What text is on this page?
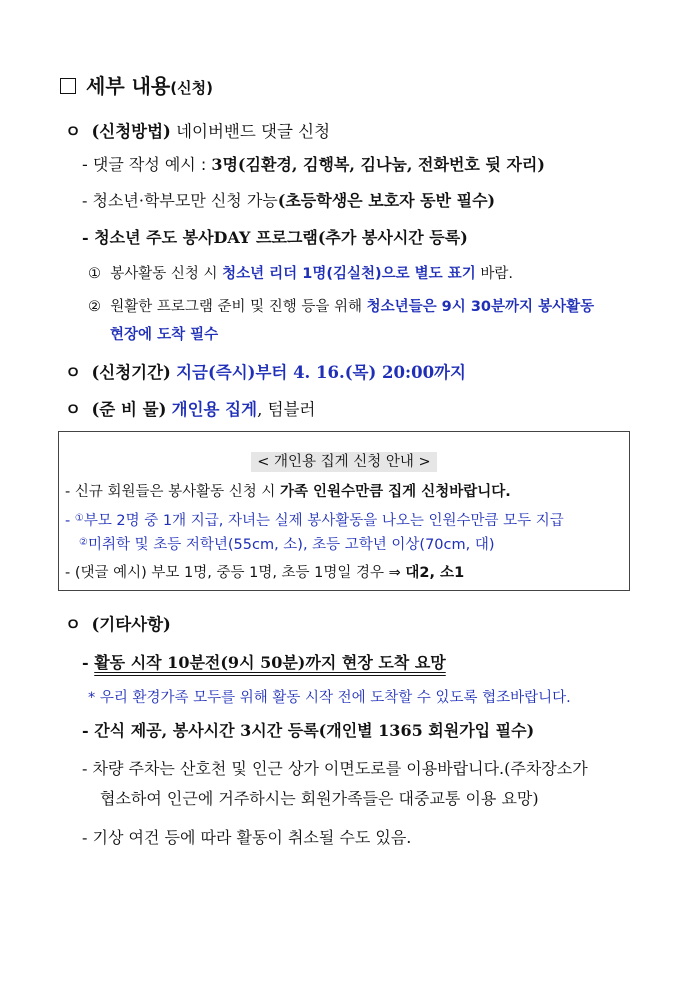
세부 내용(신청)
ㅇ (신청방법) 네이버밴드 댓글 신청
- 댓글 작성 예시 : 3명(김환경, 김행복, 김나눔, 전화번호 뒷 자리)
- 청소년·학부모만 신청 가능(초등학생은 보호자 동반 필수)
- 청소년 주도 봉사DAY 프로그램(추가 봉사시간 등록)
① 봉사활동 신청 시 청소년 리더 1명(김실천)으로 별도 표기 바람.
② 원활한 프로그램 준비 및 진행 등을 위해 청소년들은 9시 30분까지 봉사활동
현장에 도착 필수
ㅇ (신청기간) 지금(즉시)부터 4. 16.(목) 20:00까지
ㅇ (준 비 물) 개인용 집게, 텀블러
< 개인용 집게 신청 안내 >
- 신규 회원들은 봉사활동 신청 시 가족 인원수만큼 집게 신청바랍니다.
- ①부모 2명 중 1개 지급, 자녀는 실제 봉사활동을 나오는 인원수만큼 모두 지급
②미취학 및 초등 저학년(55cm, 소), 초등 고학년 이상(70cm, 대)
- (댓글 예시) 부모 1명, 중등 1명, 초등 1명일 경우 ⇒ 대2, 소1
ㅇ (기타사항)
- 활동 시작 10분전(9시 50분)까지 현장 도착 요망
* 우리 환경가족 모두를 위해 활동 시작 전에 도착할 수 있도록 협조바랍니다.
- 간식 제공, 봉사시간 3시간 등록(개인별 1365 회원가입 필수)
- 차량 주차는 산호천 및 인근 상가 이면도로를 이용바랍니다.(주차장소가
협소하여 인근에 거주하시는 회원가족들은 대중교통 이용 요망)
- 기상 여건 등에 따라 활동이 취소될 수도 있음.
